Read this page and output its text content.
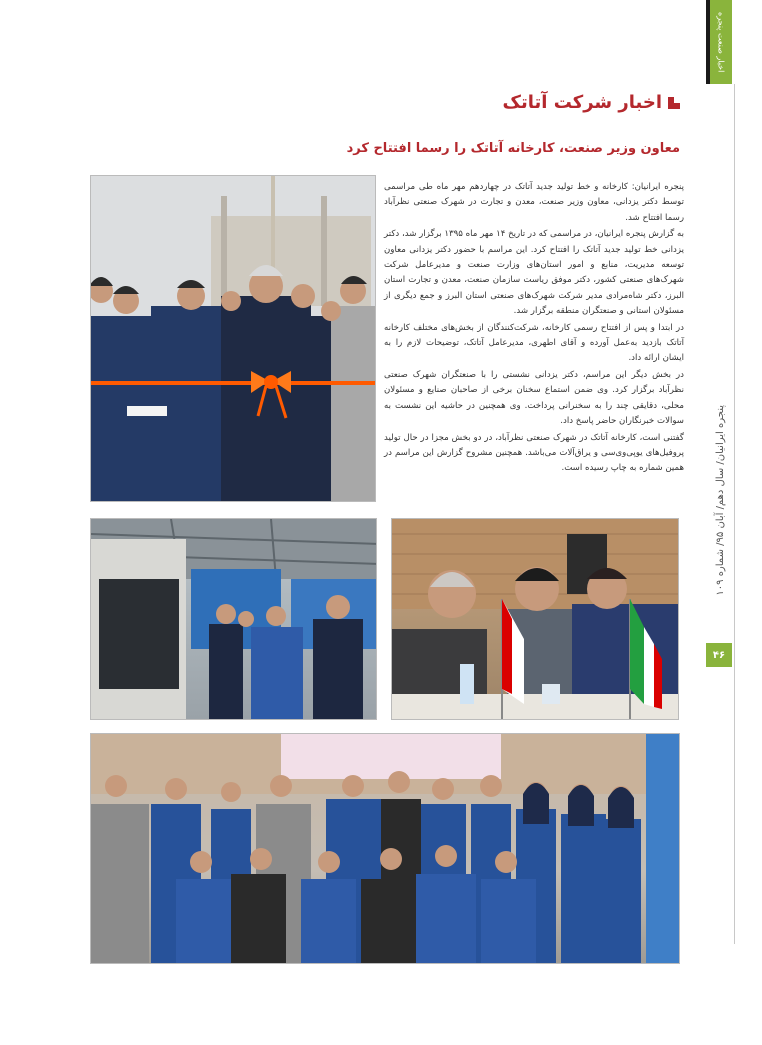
اخبار صنعت پنجره
پنجره ایرانیان/ سال دهم/ آبان ۹۵/ شماره ۱۰۹
۴۶
اخبار شرکت آتاتک
معاون وزیر صنعت، کارخانه آتاتک را رسما افتتاح کرد

پنجره ایرانیان: کارخانه و خط تولید جدید آتاتک در چهاردهم مهر ماه طی مراسمی توسط دکتر یزدانی، معاون وزیر صنعت، معدن و تجارت در شهرک صنعتی نظرآباد رسما افتتاح شد.

به گزارش پنجره ایرانیان، در مراسمی که در تاریخ ۱۴ مهر ماه ۱۳۹۵ برگزار شد، دکتر یزدانی خط تولید جدید آتاتک را افتتاح کرد. این مراسم با حضور دکتر یزدانی معاون توسعه مدیریت، منابع و امور استان‌های وزارت صنعت و مدیرعامل شرکت شهرک‌های صنعتی کشور، دکتر موفق ریاست سازمان صنعت، معدن و تجارت استان البرز، دکتر شاه‌مرادی مدیر شرکت شهرک‌های صنعتی استان البرز و جمع دیگری از مسئولان استانی و صنعتگران منطقه برگزار شد.

در ابتدا و پس از افتتاح رسمی کارخانه، شرکت‌کنندگان از بخش‌های مختلف کارخانه آتاتک بازدید به‌عمل آورده و آقای اطهری، مدیرعامل آتاتک، توضیحات لازم را به ایشان ارائه داد.

در بخش دیگر این مراسم، دکتر یزدانی نشستی را با صنعتگران شهرک صنعتی نظرآباد برگزار کرد. وی ضمن استماع سخنان برخی از صاحبان صنایع و مسئولان محلی، دقایقی چند را به سخنرانی پرداخت. وی همچنین در حاشیه این نشست به سوالات خبرنگاران حاضر پاسخ داد.

گفتنی است، کارخانه آتاتک در شهرک صنعتی نظرآباد، در دو بخش مجزا در حال تولید پروفیل‌های یوپی‌وی‌سی و یراق‌آلات می‌باشد. همچنین مشروح گزارش این مراسم در همین شماره به چاپ رسیده است.
